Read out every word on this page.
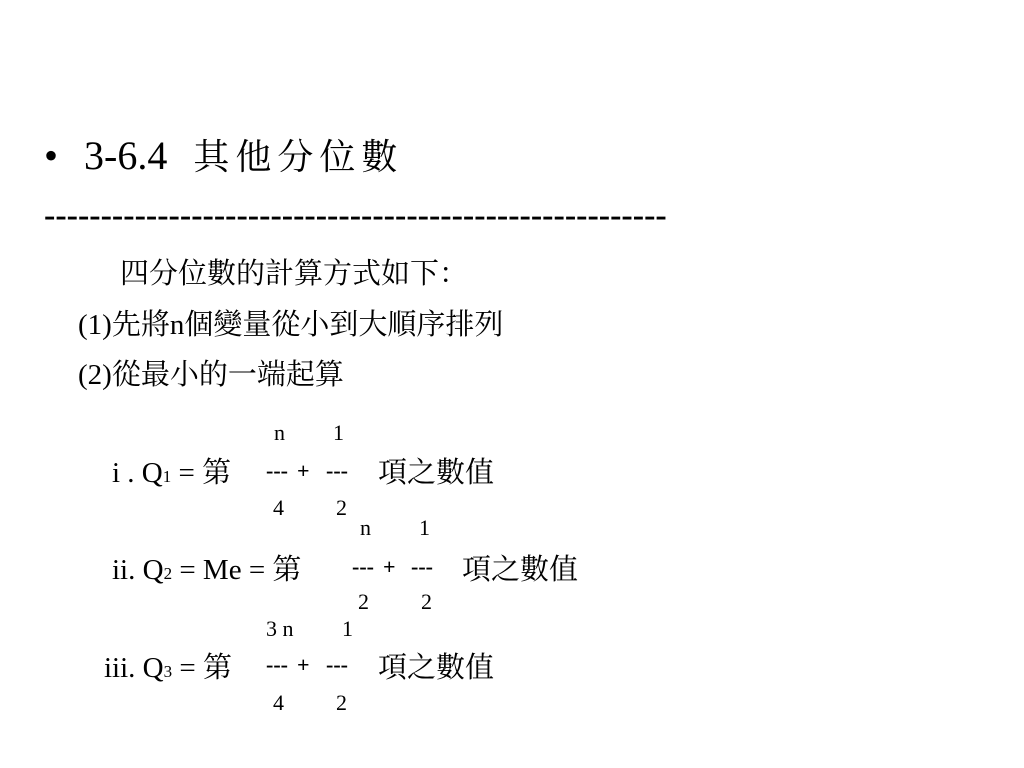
• 3-6.4 其他分位數
-------------------------------------------------------
四分位數的計算方式如下：
(1)先將n個變量從小到大順序排列
(2)從最小的一端起算
n 1
i . Q1 = 第 --- + --- 項之數值
4 2
n 1
ii. Q2 = Me = 第 --- + --- 項之數值
2 2
3 n 1
iii. Q3 = 第 --- + --- 項之數值
4 2
